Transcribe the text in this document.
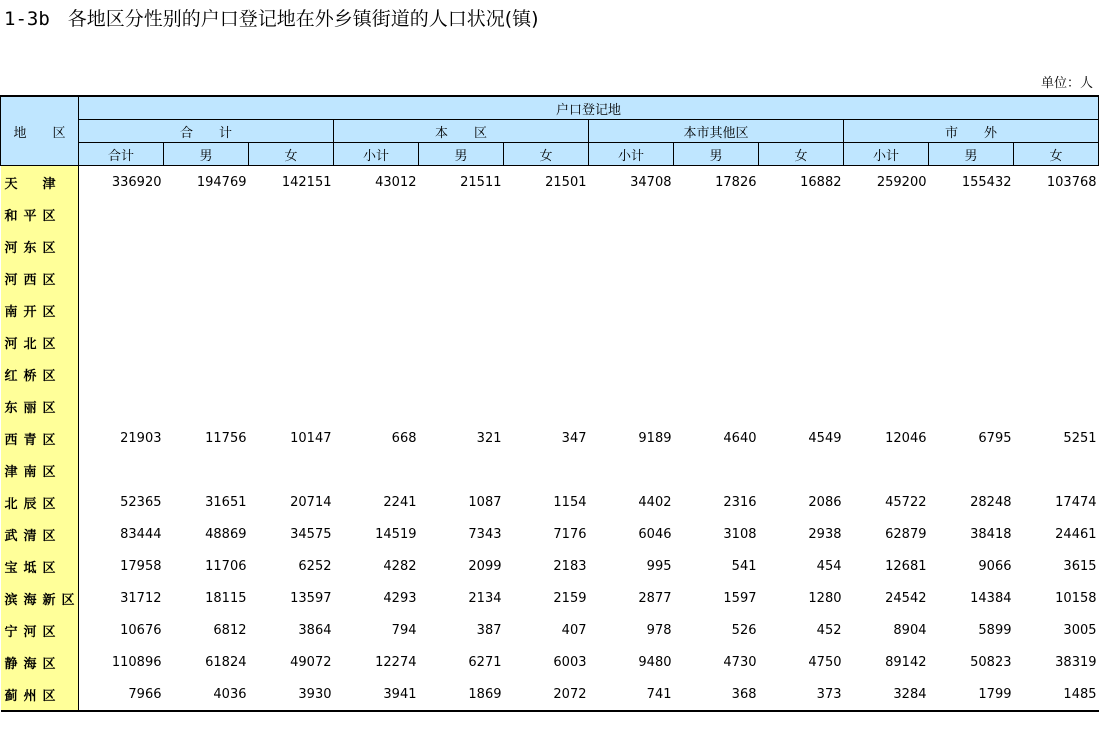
1-3b 各地区分性别的户口登记地在外乡镇街道的人口状况(镇)
单位：人
地　　区	户口登记地											
	合　　计			本　　区			本市其他区			市　　外		
	合计	男	女	小计	男	女	小计	男	女	小计	男	女
天　津	336920	194769	142151	43012	21511	21501	34708	17826	16882	259200	155432	103768
和平区												
河东区												
河西区												
南开区												
河北区												
红桥区												
东丽区												
西青区	21903	11756	10147	668	321	347	9189	4640	4549	12046	6795	5251
津南区												
北辰区	52365	31651	20714	2241	1087	1154	4402	2316	2086	45722	28248	17474
武清区	83444	48869	34575	14519	7343	7176	6046	3108	2938	62879	38418	24461
宝坻区	17958	11706	6252	4282	2099	2183	995	541	454	12681	9066	3615
滨海新区	31712	18115	13597	4293	2134	2159	2877	1597	1280	24542	14384	10158
宁河区	10676	6812	3864	794	387	407	978	526	452	8904	5899	3005
静海区	110896	61824	49072	12274	6271	6003	9480	4730	4750	89142	50823	38319
蓟州区	7966	4036	3930	3941	1869	2072	741	368	373	3284	1799	1485
